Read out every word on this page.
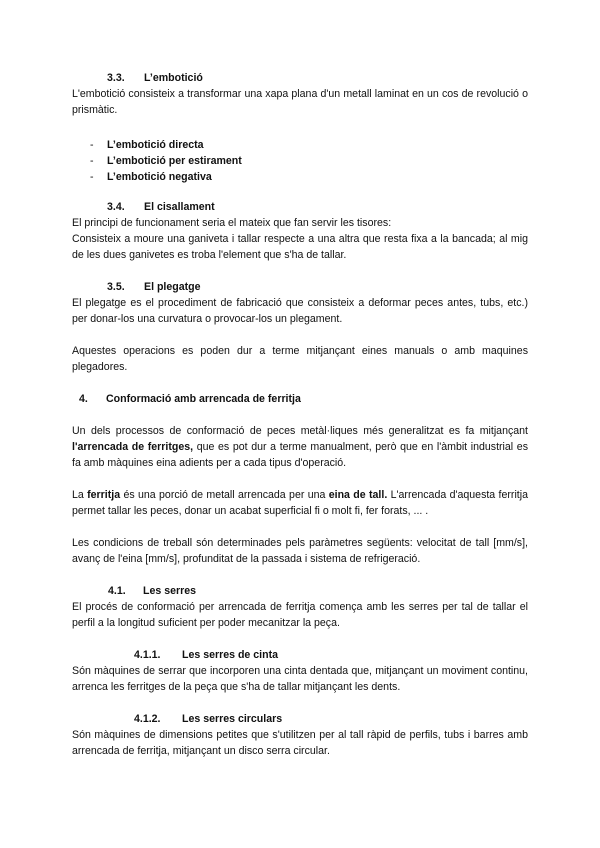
3.3. L’embotició

L'embotició consisteix a transformar una xapa plana d'un metall laminat en un cos de revolució o prismàtic.

- L’embotició directa
- L’embotició per estirament
- L’embotició negativa
3.4. El cisallament

El principi de funcionament seria el mateix que fan servir les tisores:

Consisteix a moure una ganiveta i tallar respecte a una altra que resta fixa a la bancada; al mig de les dues ganivetes es troba l'element que s'ha de tallar.

3.5. El plegatge

El plegatge es el procediment de fabricació que consisteix a deformar peces antes, tubs, etc.) per donar-los una curvatura o provocar-los un plegament.

Aquestes operacions es poden dur a terme mitjançant eines manuals o amb maquines plegadores.

4. Conformació amb arrencada de ferritja

Un dels processos de conformació de peces metàl·liques més generalitzat es fa mitjançant l'arrencada de ferritges, que es pot dur a terme manualment, però que en l'àmbit industrial es fa amb màquines eina adients per a cada tipus d'operació.

La ferritja és una porció de metall arrencada per una eina de tall. L'arrencada d'aquesta ferritja permet tallar les peces, donar un acabat superficial fi o molt fi, fer forats, ... .

Les condicions de treball són determinades pels paràmetres següents: velocitat de tall [mm/s], avanç de l'eina [mm/s], profunditat de la passada i sistema de refrigeració.

4.1. Les serres

El procés de conformació per arrencada de ferritja comença amb les serres per tal de tallar el perfil a la longitud suficient per poder mecanitzar la peça.

4.1.1. Les serres de cinta

Són màquines de serrar que incorporen una cinta dentada que, mitjançant un moviment continu, arrenca les ferritges de la peça que s'ha de tallar mitjançant les dents.

4.1.2. Les serres circulars

Són màquines de dimensions petites que s'utilitzen per al tall ràpid de perfils, tubs i barres amb arrencada de ferritja, mitjançant un disco serra circular.
